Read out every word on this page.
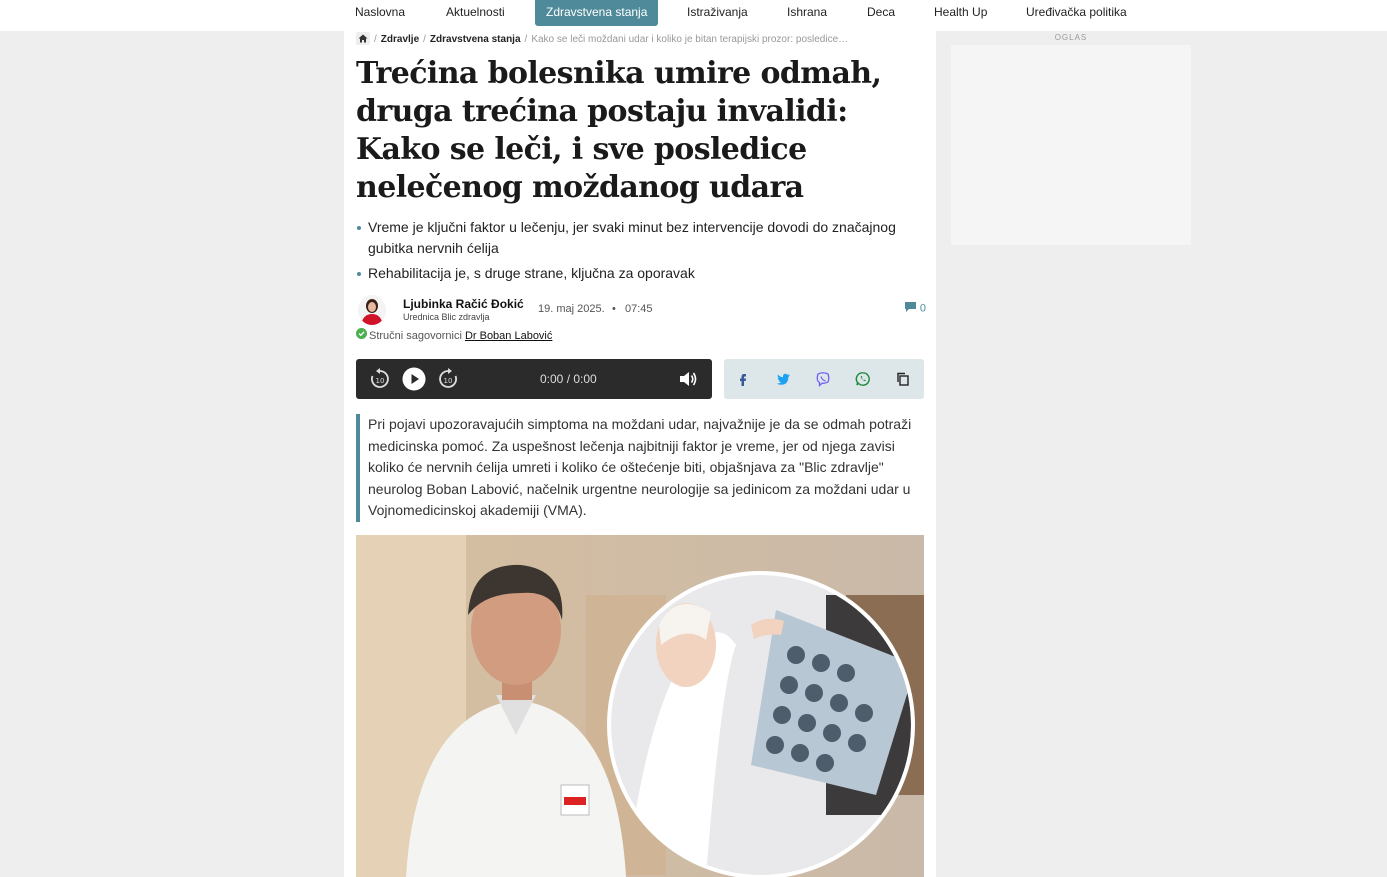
Naslovna	Aktuelnosti	Zdravstvena stanja	Istraživanja	Ishrana	Deca	Health Up	Uređivačka politika
/ Zdravlje / Zdravstvena stanja / Kako se leči moždani udar i koliko je bitan terapijski prozor: posledice…
Trećina bolesnika umire odmah, druga trećina postaju invalidi: Kako se leči, i sve posledice nelečenog moždanog udara
Vreme je ključni faktor u lečenju, jer svaki minut bez intervencije dovodi do značajnog gubitka nervnih ćelija
Rehabilitacija je, s druge strane, ključna za oporavak
Ljubinka Račić Đokić
Urednica Blic zdravlja
19. maj 2025. • 07:45	0
Stručni sagovornici Dr Boban Labović
10	10	0:00 / 0:00
Pri pojavi upozoravajućih simptoma na moždani udar, najvažnije je da se odmah potraži medicinska pomoć. Za uspešnost lečenja najbitniji faktor je vreme, jer od njega zavisi koliko će nervnih ćelija umreti i koliko će oštećenje biti, objašnjava za "Blic zdravlje" neurolog Boban Labović, načelnik urgentne neurologije sa jedinicom za moždani udar u Vojnomedicinskoj akademiji (VMA).
OGLAS
